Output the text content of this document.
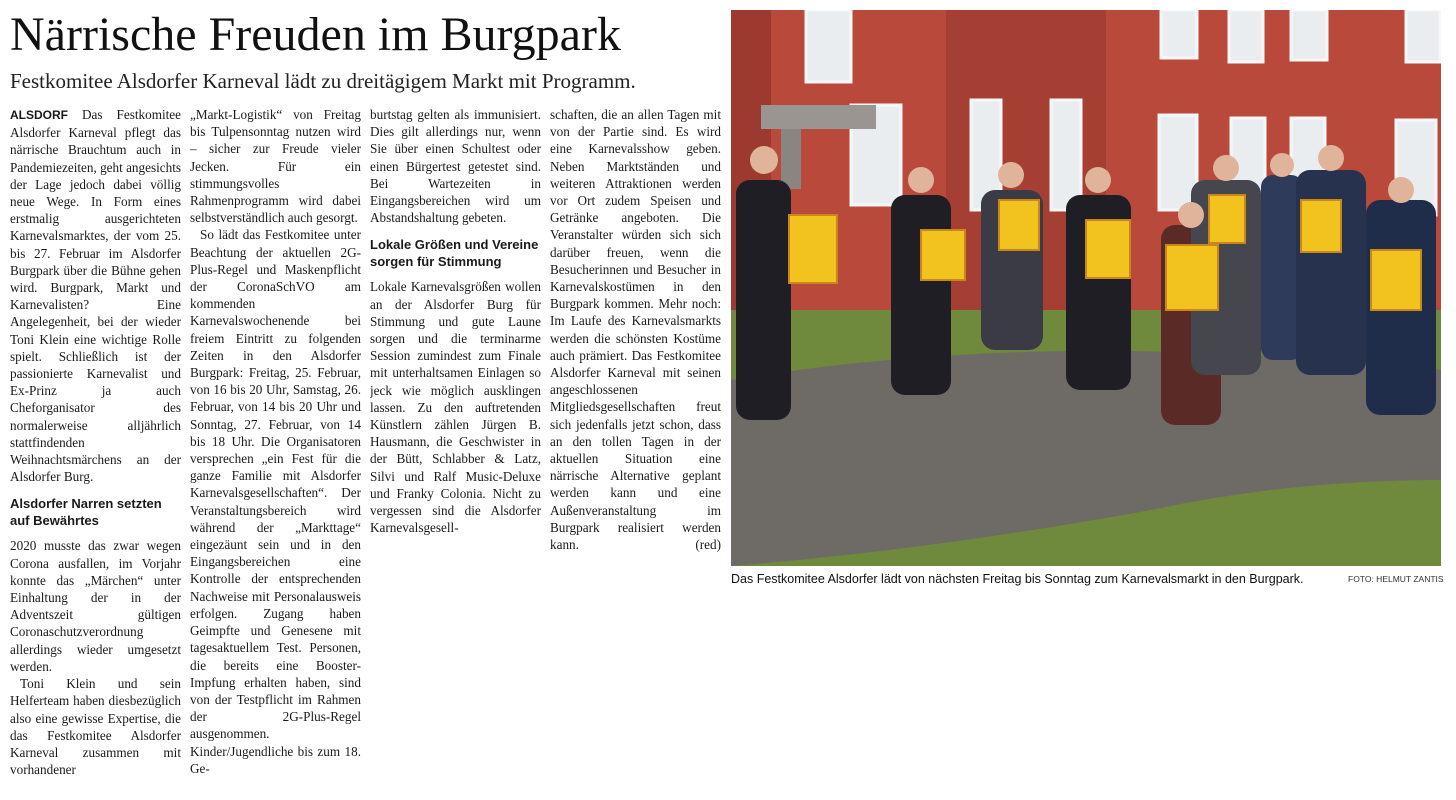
Närrische Freuden im Burgpark

Festkomitee Alsdorfer Karneval lädt zu dreitägigem Markt mit Programm.

ALSDORF Das Festkomitee Alsdorfer Karneval pflegt das närrische Brauchtum auch in Pandemiezeiten, geht angesichts der Lage jedoch dabei völlig neue Wege. In Form eines erstmalig ausgerichteten Karnevalsmarktes, der vom 25. bis 27. Februar im Alsdorfer Burgpark über die Bühne gehen wird. Burgpark, Markt und Karnevalisten? Eine Angelegenheit, bei der wieder Toni Klein eine wichtige Rolle spielt. Schließlich ist der passionierte Karnevalist und Ex-Prinz ja auch Cheforganisator des normalerweise alljährlich stattfindenden Weihnachtsmärchens an der Alsdorfer Burg.

Alsdorfer Narren setzten auf Bewährtes

2020 musste das zwar wegen Corona ausfallen, im Vorjahr konnte das „Märchen“ unter Einhaltung der in der Adventszeit gültigen Coronaschutzverordnung allerdings wieder umgesetzt werden.

Toni Klein und sein Helferteam haben diesbezüglich also eine gewisse Expertise, die das Festkomitee Alsdorfer Karneval zusammen mit vorhandener

„Markt-Logistik“ von Freitag bis Tulpensonntag nutzen wird – sicher zur Freude vieler Jecken. Für ein stimmungsvolles Rahmenprogramm wird dabei selbstverständlich auch gesorgt.

So lädt das Festkomitee unter Beachtung der aktuellen 2G-Plus-Regel und Maskenpflicht der CoronaSchVO am kommenden Karnevalswochenende bei freiem Eintritt zu folgenden Zeiten in den Alsdorfer Burgpark: Freitag, 25. Februar, von 16 bis 20 Uhr, Samstag, 26. Februar, von 14 bis 20 Uhr und Sonntag, 27. Februar, von 14 bis 18 Uhr. Die Organisatoren versprechen „ein Fest für die ganze Familie mit Alsdorfer Karnevalsgesellschaften“. Der Veranstaltungsbereich wird während der „Markttage“ eingezäunt sein und in den Eingangsbereichen eine Kontrolle der entsprechenden Nachweise mit Personalausweis erfolgen. Zugang haben Geimpfte und Genesene mit tagesaktuellem Test. Personen, die bereits eine Booster-Impfung erhalten haben, sind von der Testpflicht im Rahmen der 2G-Plus-Regel ausgenommen. Kinder/Jugendliche bis zum 18. Ge-

burtstag gelten als immunisiert. Dies gilt allerdings nur, wenn Sie über einen Schultest oder einen Bürgertest getestet sind. Bei Wartezeiten in Eingangsbereichen wird um Abstandshaltung gebeten.

Lokale Größen und Vereine sorgen für Stimmung

Lokale Karnevalsgrößen wollen an der Alsdorfer Burg für Stimmung und gute Laune sorgen und die terminarme Session zumindest zum Finale mit unterhaltsamen Einlagen so jeck wie möglich ausklingen lassen. Zu den auftretenden Künstlern zählen Jürgen B. Hausmann, die Geschwister in der Bütt, Schlabber & Latz, Silvi und Ralf Music-Deluxe und Franky Colonia. Nicht zu vergessen sind die Alsdorfer Karnevalsgesell-

schaften, die an allen Tagen mit von der Partie sind. Es wird eine Karnevalsshow geben. Neben Marktständen und weiteren Attraktionen werden vor Ort zudem Speisen und Getränke angeboten. Die Veranstalter würden sich sich darüber freuen, wenn die Besucherinnen und Besucher in Karnevalskostümen in den Burgpark kommen. Mehr noch: Im Laufe des Karnevalsmarkts werden die schönsten Kostüme auch prämiert. Das Festkomitee Alsdorfer Karneval mit seinen angeschlossenen Mitgliedsgesellschaften freut sich jedenfalls jetzt schon, dass an den tollen Tagen in der aktuellen Situation eine närrische Alternative geplant werden kann und eine Außenveranstaltung im Burgpark realisiert werden kann.	(red)
Das Festkomitee Alsdorfer lädt von nächsten Freitag bis Sonntag zum Karnevalsmarkt in den Burgpark.	FOTO: HELMUT ZANTIS
